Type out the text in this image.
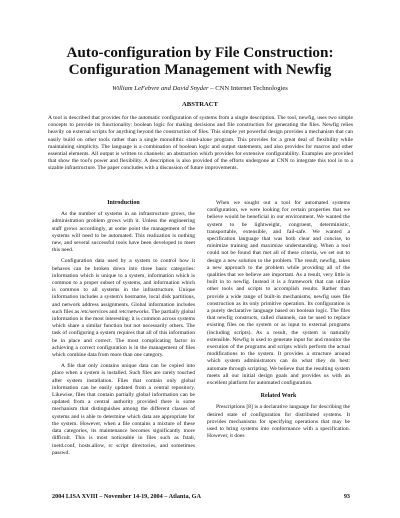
Auto-configuration by File Construction:
Configuration Management with Newfig
William LeFebvre and David Snyder – CNN Internet Technologies
ABSTRACT
A tool is described that provides for the automatic configuration of systems from a single description. The tool, newfig, uses two simple concepts to provide its functionality: boolean logic for making decisions and file construction for generating the files. Newfig relies heavily on external scripts for anything beyond the construction of files. This simple yet powerful design provides a mechanism that can easily build on other tools rather than a single monolithic stand-alone program. This provides for a great deal of flexibility while maintaining simplicity. The language is a combination of boolean logic and output statements, and also provides for macros and other essential elements. All output is written to channels: an abstraction which provides for extensive configurability. Examples are provided that show the tool's power and flexibility. A description is also provided of the efforts undergone at CNN to integrate this tool in to a sizable infrastructure. The paper concludes with a discussion of future improvements.
Introduction

As the number of systems in an infrastructure grows, the administration problem grows with it. Unless the engineering staff grows accordingly, at some point the management of the systems will need to be automated. This realization is nothing new, and several successful tools have been developed to meet this need.

Configuration data used by a system to control how it behaves can be broken down into three basic categories: information which is unique to a system, information which is common to a proper subset of systems, and information which is common to all systems in the infrastructure. Unique information includes a system's hostname, local disk partitions, and network address assignments. Global information includes such files as /etc/services and /etc/networks. The partially global information is the most interesting: it is common across systems which share a similar function but not necessarily others. The task of configuring a system requires that all of this information be in place and correct. The most complicating factor in achieving a correct configuration is in the management of files which combine data from more than one category.

A file that only contains unique data can be copied into place when a system is installed. Such files are rarely touched after system installation. Files that contain only global information can be easily updated from a central repository. Likewise, files that contain partially global information can be updated from a central authority provided there is some mechanism that distinguishes among the different classes of systems and is able to determine which data are appropriate for the system. However, when a file contains a mixture of these data categories, its maintenance becomes significantly more difficult. This is most noticeable in files such as fstab, inetd.conf, hosts.allow, rc script directories, and sometimes passwd.

When we sought out a tool for automated systems configuration, we were looking for certain properties that we believe would be beneficial in our environment. We wanted the system to be lightweight, congruent, deterministic, transportable, extensible, and fail-safe. We wanted a specification language that was both clear and concise, to minimize training and maximize understanding. When a tool could not be found that met all of these criteria, we set out to design a new solution to the problem. The result, newfig, takes a new approach to the problem while providing all of the qualities that we believe are important. As a result, very little is built in to newfig. Instead it is a framework that can utilize other tools and scripts to accomplish results. Rather than provide a wide range of built-in mechanisms, newfig uses file construction as its only primitive operation. Its configuration is a purely declarative language based on boolean logic. The files that newfig constructs, called channels, can be used to replace existing files on the system or as input to external programs (including scripts). As a result, the system is naturally extensible. Newfig is used to generate input for and monitor the execution of the programs and scripts which perform the actual modifications to the system. It provides a structure around which system administrators can do what they do best: automate through scripting. We believe that the resulting system meets all our initial design goals and provides us with an excellent platform for automated configuration.

Related Work

Prescriptions [8] is a declarative language for describing the desired state of configuration for distributed systems. It provides mechanisms for specifying operations that may be used to bring systems into conformance with a specification. However, it does

2004 LISA XVIII – November 14-19, 2004 – Atlanta, GA	93
